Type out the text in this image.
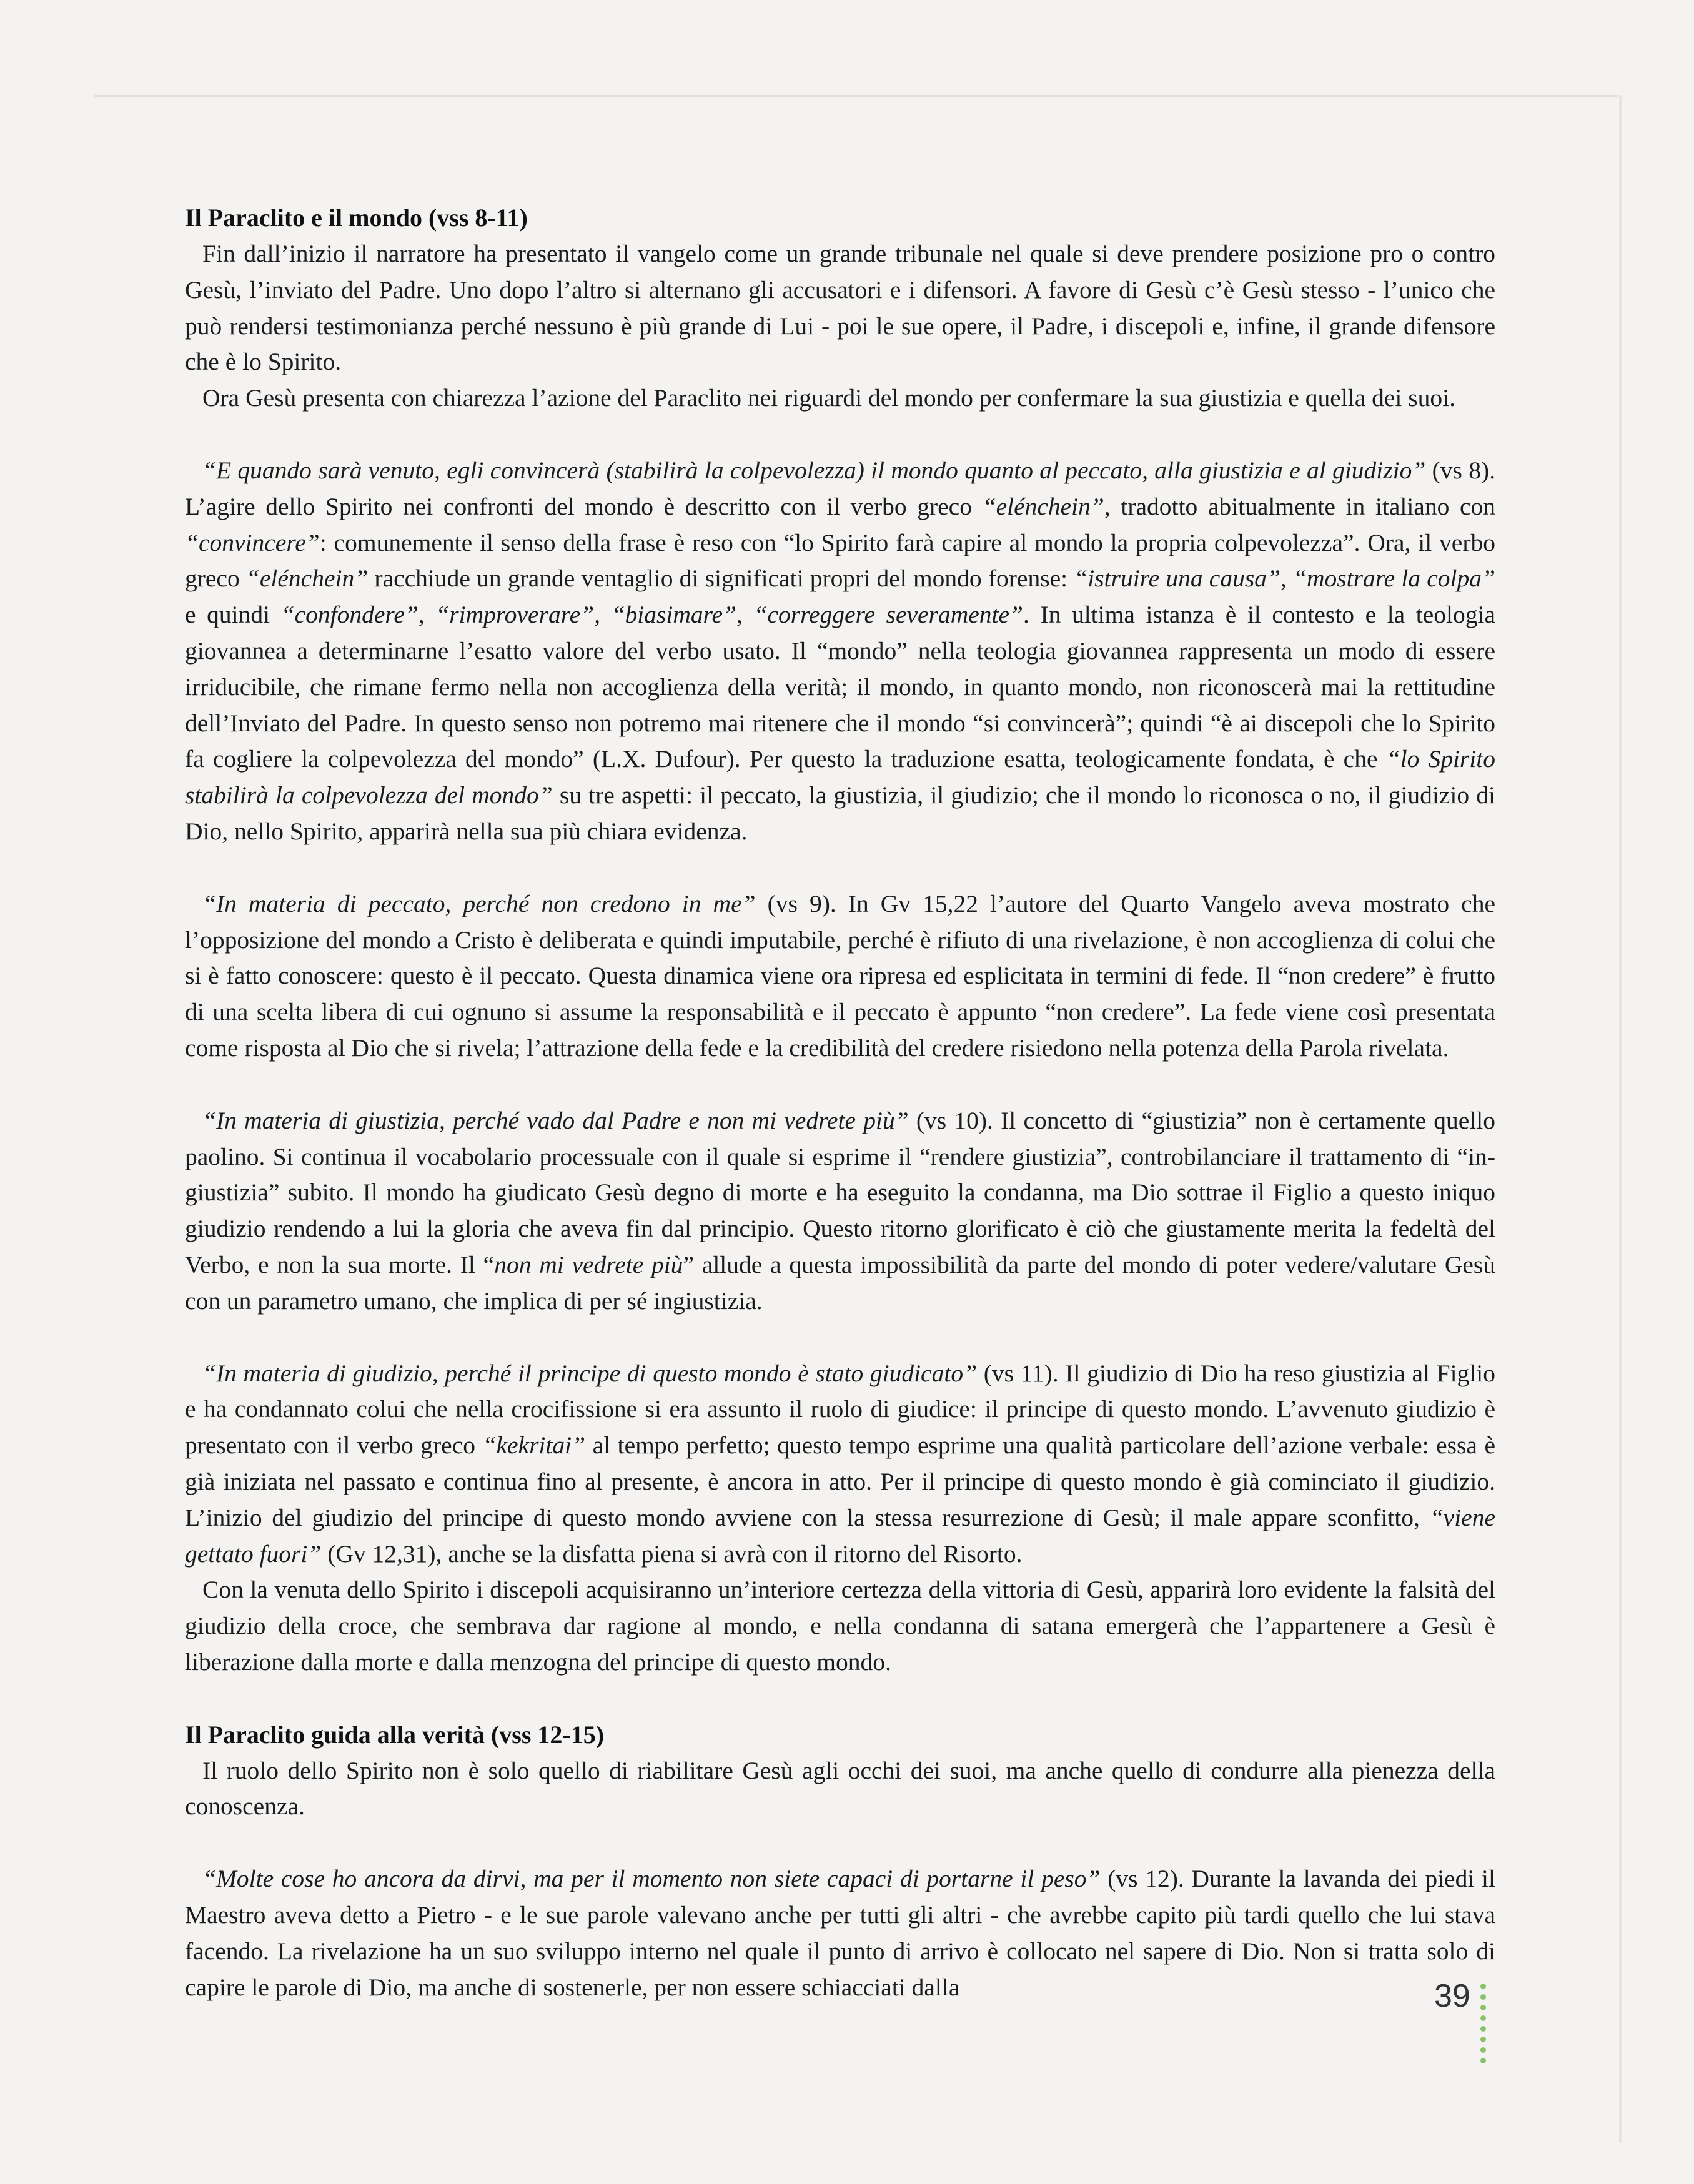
Il Paraclito e il mondo (vss 8-11)

Fin dall’inizio il narratore ha presentato il vangelo come un grande tribunale nel quale si deve prendere posizione pro o contro Gesù, l’inviato del Padre. Uno dopo l’altro si alternano gli accusatori e i difensori. A favore di Gesù c’è Gesù stesso - l’unico che può rendersi testimonianza perché nessuno è più grande di Lui - poi le sue opere, il Padre, i discepoli e, infine, il grande difensore che è lo Spirito.

Ora Gesù presenta con chiarezza l’azione del Paraclito nei riguardi del mondo per confermare la sua giustizia e quella dei suoi.

“E quando sarà venuto, egli convincerà (stabilirà la colpevolezza) il mondo quanto al peccato, alla giustizia e al giudizio” (vs 8). L’agire dello Spirito nei confronti del mondo è descritto con il verbo greco “elénchein”, tradotto abitualmente in italiano con “convincere”: comunemente il senso della frase è reso con “lo Spirito farà capire al mondo la propria colpevolezza”. Ora, il verbo greco “elénchein” racchiude un grande ventaglio di significati propri del mondo forense: “istruire una causa”, “mostrare la colpa” e quindi “confondere”, “rimproverare”, “biasimare”, “correggere severamente”. In ultima istanza è il contesto e la teologia giovannea a determinarne l’esatto valore del verbo usato. Il “mondo” nella teologia giovannea rappresenta un modo di essere irriducibile, che rimane fermo nella non accoglienza della verità; il mondo, in quanto mondo, non riconoscerà mai la rettitudine dell’Inviato del Padre. In questo senso non potremo mai ritenere che il mondo “si convincerà”; quindi “è ai discepoli che lo Spirito fa cogliere la colpevolezza del mondo” (L.X. Dufour). Per questo la traduzione esatta, teologicamente fondata, è che “lo Spirito stabilirà la colpevolezza del mondo” su tre aspetti: il peccato, la giustizia, il giudizio; che il mondo lo riconosca o no, il giudizio di Dio, nello Spirito, apparirà nella sua più chiara evidenza.

“In materia di peccato, perché non credono in me” (vs 9). In Gv 15,22 l’autore del Quarto Vangelo aveva mostrato che l’opposizione del mondo a Cristo è deliberata e quindi imputabile, perché è rifiuto di una rivelazione, è non accoglienza di colui che si è fatto conoscere: questo è il peccato. Questa dinamica viene ora ripresa ed esplicitata in termini di fede. Il “non credere” è frutto di una scelta libera di cui ognuno si assume la responsabilità e il peccato è appunto “non credere”. La fede viene così presentata come risposta al Dio che si rivela; l’attrazione della fede e la credibilità del credere risiedono nella potenza della Parola rivelata.

“In materia di giustizia, perché vado dal Padre e non mi vedrete più” (vs 10). Il concetto di “giustizia” non è certamente quello paolino. Si continua il vocabolario processuale con il quale si esprime il “rendere giustizia”, controbilanciare il trattamento di “in-giustizia” subito. Il mondo ha giudicato Gesù degno di morte e ha eseguito la condanna, ma Dio sottrae il Figlio a questo iniquo giudizio rendendo a lui la gloria che aveva fin dal principio. Questo ritorno glorificato è ciò che giustamente merita la fedeltà del Verbo, e non la sua morte. Il “non mi vedrete più” allude a questa impossibilità da parte del mondo di poter vedere/valutare Gesù con un parametro umano, che implica di per sé ingiustizia.

“In materia di giudizio, perché il principe di questo mondo è stato giudicato” (vs 11). Il giudizio di Dio ha reso giustizia al Figlio e ha condannato colui che nella crocifissione si era assunto il ruolo di giudice: il principe di questo mondo. L’avvenuto giudizio è presentato con il verbo greco “kekritai” al tempo perfetto; questo tempo esprime una qualità particolare dell’azione verbale: essa è già iniziata nel passato e continua fino al presente, è ancora in atto. Per il principe di questo mondo è già cominciato il giudizio. L’inizio del giudizio del principe di questo mondo avviene con la stessa resurrezione di Gesù; il male appare sconfitto, “viene gettato fuori” (Gv 12,31), anche se la disfatta piena si avrà con il ritorno del Risorto.

Con la venuta dello Spirito i discepoli acquisiranno un’interiore certezza della vittoria di Gesù, apparirà loro evidente la falsità del giudizio della croce, che sembrava dar ragione al mondo, e nella condanna di satana emergerà che l’appartenere a Gesù è liberazione dalla morte e dalla menzogna del principe di questo mondo.

Il Paraclito guida alla verità (vss 12-15)

Il ruolo dello Spirito non è solo quello di riabilitare Gesù agli occhi dei suoi, ma anche quello di condurre alla pienezza della conoscenza.

“Molte cose ho ancora da dirvi, ma per il momento non siete capaci di portarne il peso” (vs 12). Durante la lavanda dei piedi il Maestro aveva detto a Pietro - e le sue parole valevano anche per tutti gli altri - che avrebbe capito più tardi quello che lui stava facendo. La rivelazione ha un suo sviluppo interno nel quale il punto di arrivo è collocato nel sapere di Dio. Non si tratta solo di capire le parole di Dio, ma anche di sostenerle, per non essere schiacciati dalla	39
